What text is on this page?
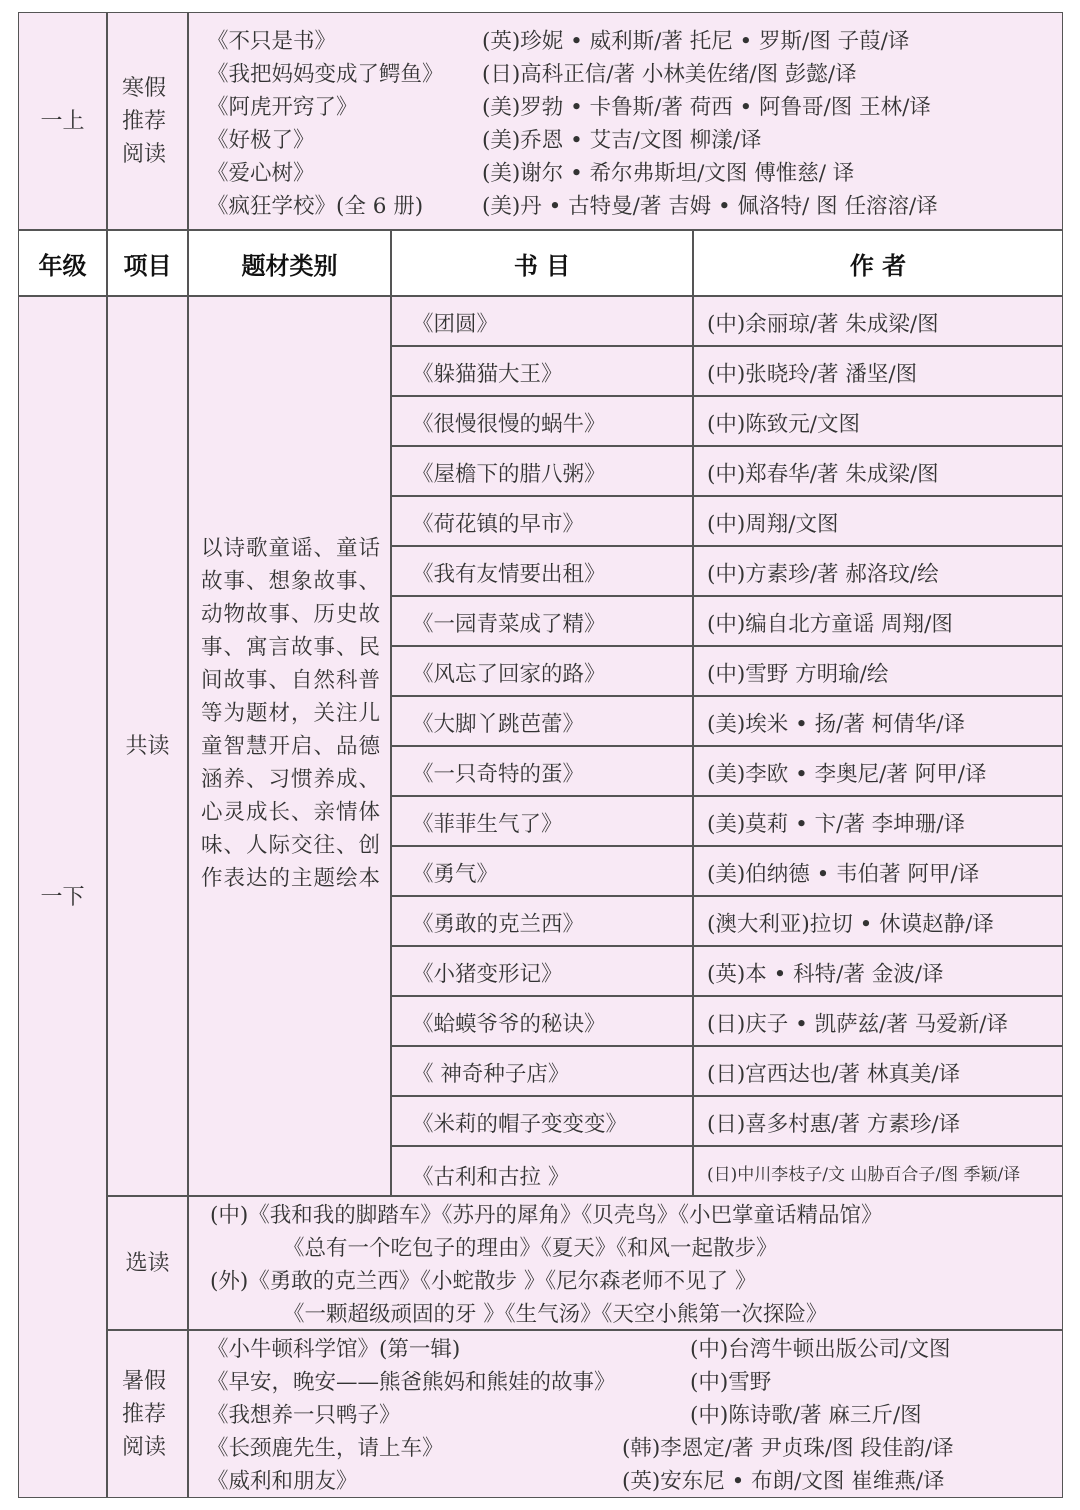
年级	项目	题材类别	书 目	作 者
一上
寒假推荐阅读
《不只是书》	(英)珍妮 • 威利斯/著 托尼 • 罗斯/图 子葭/译
《我把妈妈变成了鳄鱼》 (日)高科正信/著 小林美佐绪/图 彭懿/译
《阿虎开窍了》	(美)罗勃 • 卡鲁斯/著 荷西 • 阿鲁哥/图 王林/译
《好极了》	(美)乔恩 • 艾吉/文图 柳漾/译
《爱心树》	(美)谢尔 • 希尔弗斯坦/文图 傅惟慈/ 译
《疯狂学校》(全 6 册)	(美)丹 • 古特曼/著 吉姆 • 佩洛特/ 图 任溶溶/译
一下
共读
以诗歌童谣、童话故事、想象故事、动物故事、历史故事、寓言故事、民间故事、自然科普等为题材，关注儿童智慧开启、品德涵养、习惯养成、心灵成长、亲情体味、人际交往、创作表达的主题绘本
《团圆》	(中)余丽琼/著 朱成梁/图
《躲猫猫大王》	(中)张晓玲/著 潘坚/图
《很慢很慢的蜗牛》	(中)陈致元/文图
《屋檐下的腊八粥》	(中)郑春华/著 朱成梁/图
《荷花镇的早市》	(中)周翔/文图
《我有友情要出租》	(中)方素珍/著 郝洛玟/绘
《一园青菜成了精》	(中)编自北方童谣 周翔/图
《风忘了回家的路》	(中)雪野 方明瑜/绘
《大脚丫跳芭蕾》	(美)埃米 • 扬/著 柯倩华/译
《一只奇特的蛋》	(美)李欧 • 李奥尼/著 阿甲/译
《菲菲生气了》	(美)莫莉 • 卞/著 李坤珊/译
《勇气》	(美)伯纳德 • 韦伯著 阿甲/译
《勇敢的克兰西》	(澳大利亚)拉切 • 休谟赵静/译
《小猪变形记》	(英)本 • 科特/著 金波/译
《蛤蟆爷爷的秘诀》	(日)庆子 • 凯萨兹/著 马爱新/译
《 神奇种子店》	(日)宫西达也/著 林真美/译
《米莉的帽子变变变》	(日)喜多村惠/著 方素珍/译
《古利和古拉 》	(日)中川李枝子/文 山胁百合子/图 季颖/译
选读
(中)《我和我的脚踏车》《苏丹的犀角》《贝壳鸟》《小巴掌童话精品馆》
《总有一个吃包子的理由》《夏天》《和风一起散步》
(外)《勇敢的克兰西》《小蛇散步 》《尼尔森老师不见了 》
《一颗超级顽固的牙 》《生气汤》《天空小熊第一次探险》
暑假推荐阅读
《小牛顿科学馆》(第一辑)	(中)台湾牛顿出版公司/文图
《早安，晚安——熊爸熊妈和熊娃的故事》	(中)雪野
《我想养一只鸭子》	(中)陈诗歌/著 麻三斤/图
《长颈鹿先生，请上车》	(韩)李恩定/著 尹贞珠/图 段佳韵/译
《威利和朋友》	(英)安东尼 • 布朗/文图 崔维燕/译
